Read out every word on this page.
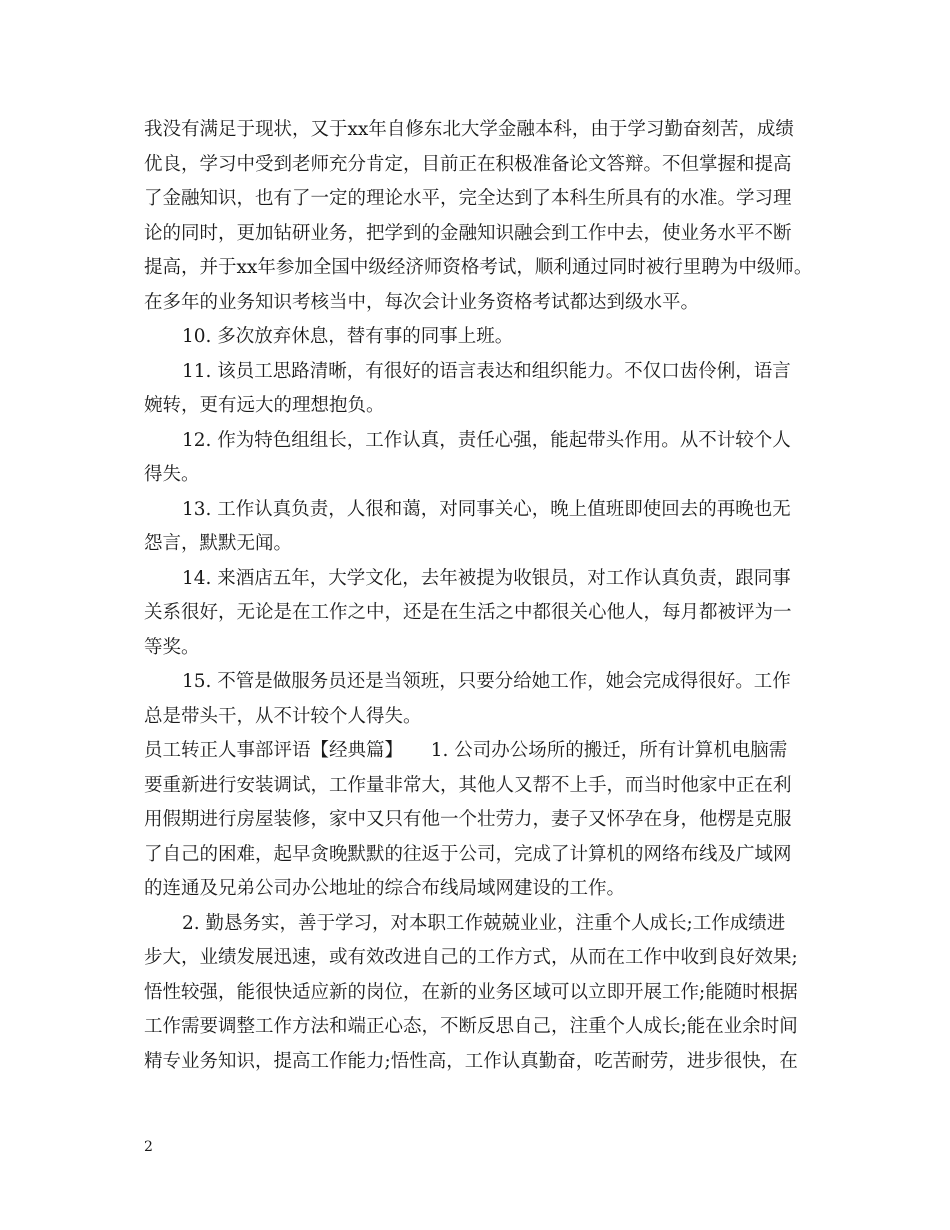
我没有满足于现状，又于xx年自修东北大学金融本科，由于学习勤奋刻苦，成绩
优良，学习中受到老师充分肯定，目前正在积极准备论文答辩。不但掌握和提高
了金融知识，也有了一定的理论水平，完全达到了本科生所具有的水准。学习理
论的同时，更加钻研业务，把学到的金融知识融会到工作中去，使业务水平不断
提高，并于xx年参加全国中级经济师资格考试，顺利通过同时被行里聘为中级师。
在多年的业务知识考核当中，每次会计业务资格考试都达到级水平。
10. 多次放弃休息，替有事的同事上班。
11. 该员工思路清晰，有很好的语言表达和组织能力。不仅口齿伶俐，语言
婉转，更有远大的理想抱负。
12. 作为特色组组长，工作认真，责任心强，能起带头作用。从不计较个人
得失。
13. 工作认真负责，人很和蔼，对同事关心，晚上值班即使回去的再晚也无
怨言，默默无闻。
14. 来酒店五年，大学文化，去年被提为收银员，对工作认真负责，跟同事
关系很好，无论是在工作之中，还是在生活之中都很关心他人，每月都被评为一
等奖。
15. 不管是做服务员还是当领班，只要分给她工作，她会完成得很好。工作
总是带头干，从不计较个人得失。
员工转正人事部评语【经典篇】　　1. 公司办公场所的搬迁，所有计算机电脑需
要重新进行安装调试，工作量非常大，其他人又帮不上手，而当时他家中正在利
用假期进行房屋装修，家中又只有他一个壮劳力，妻子又怀孕在身，他楞是克服
了自己的困难，起早贪晚默默的往返于公司，完成了计算机的网络布线及广域网
的连通及兄弟公司办公地址的综合布线局域网建设的工作。
2. 勤恳务实，善于学习，对本职工作兢兢业业，注重个人成长;工作成绩进
步大，业绩发展迅速，或有效改进自己的工作方式，从而在工作中收到良好效果;
悟性较强，能很快适应新的岗位，在新的业务区域可以立即开展工作;能随时根据
工作需要调整工作方法和端正心态，不断反思自己，注重个人成长;能在业余时间
精专业务知识，提高工作能力;悟性高，工作认真勤奋，吃苦耐劳，进步很快，在
2
